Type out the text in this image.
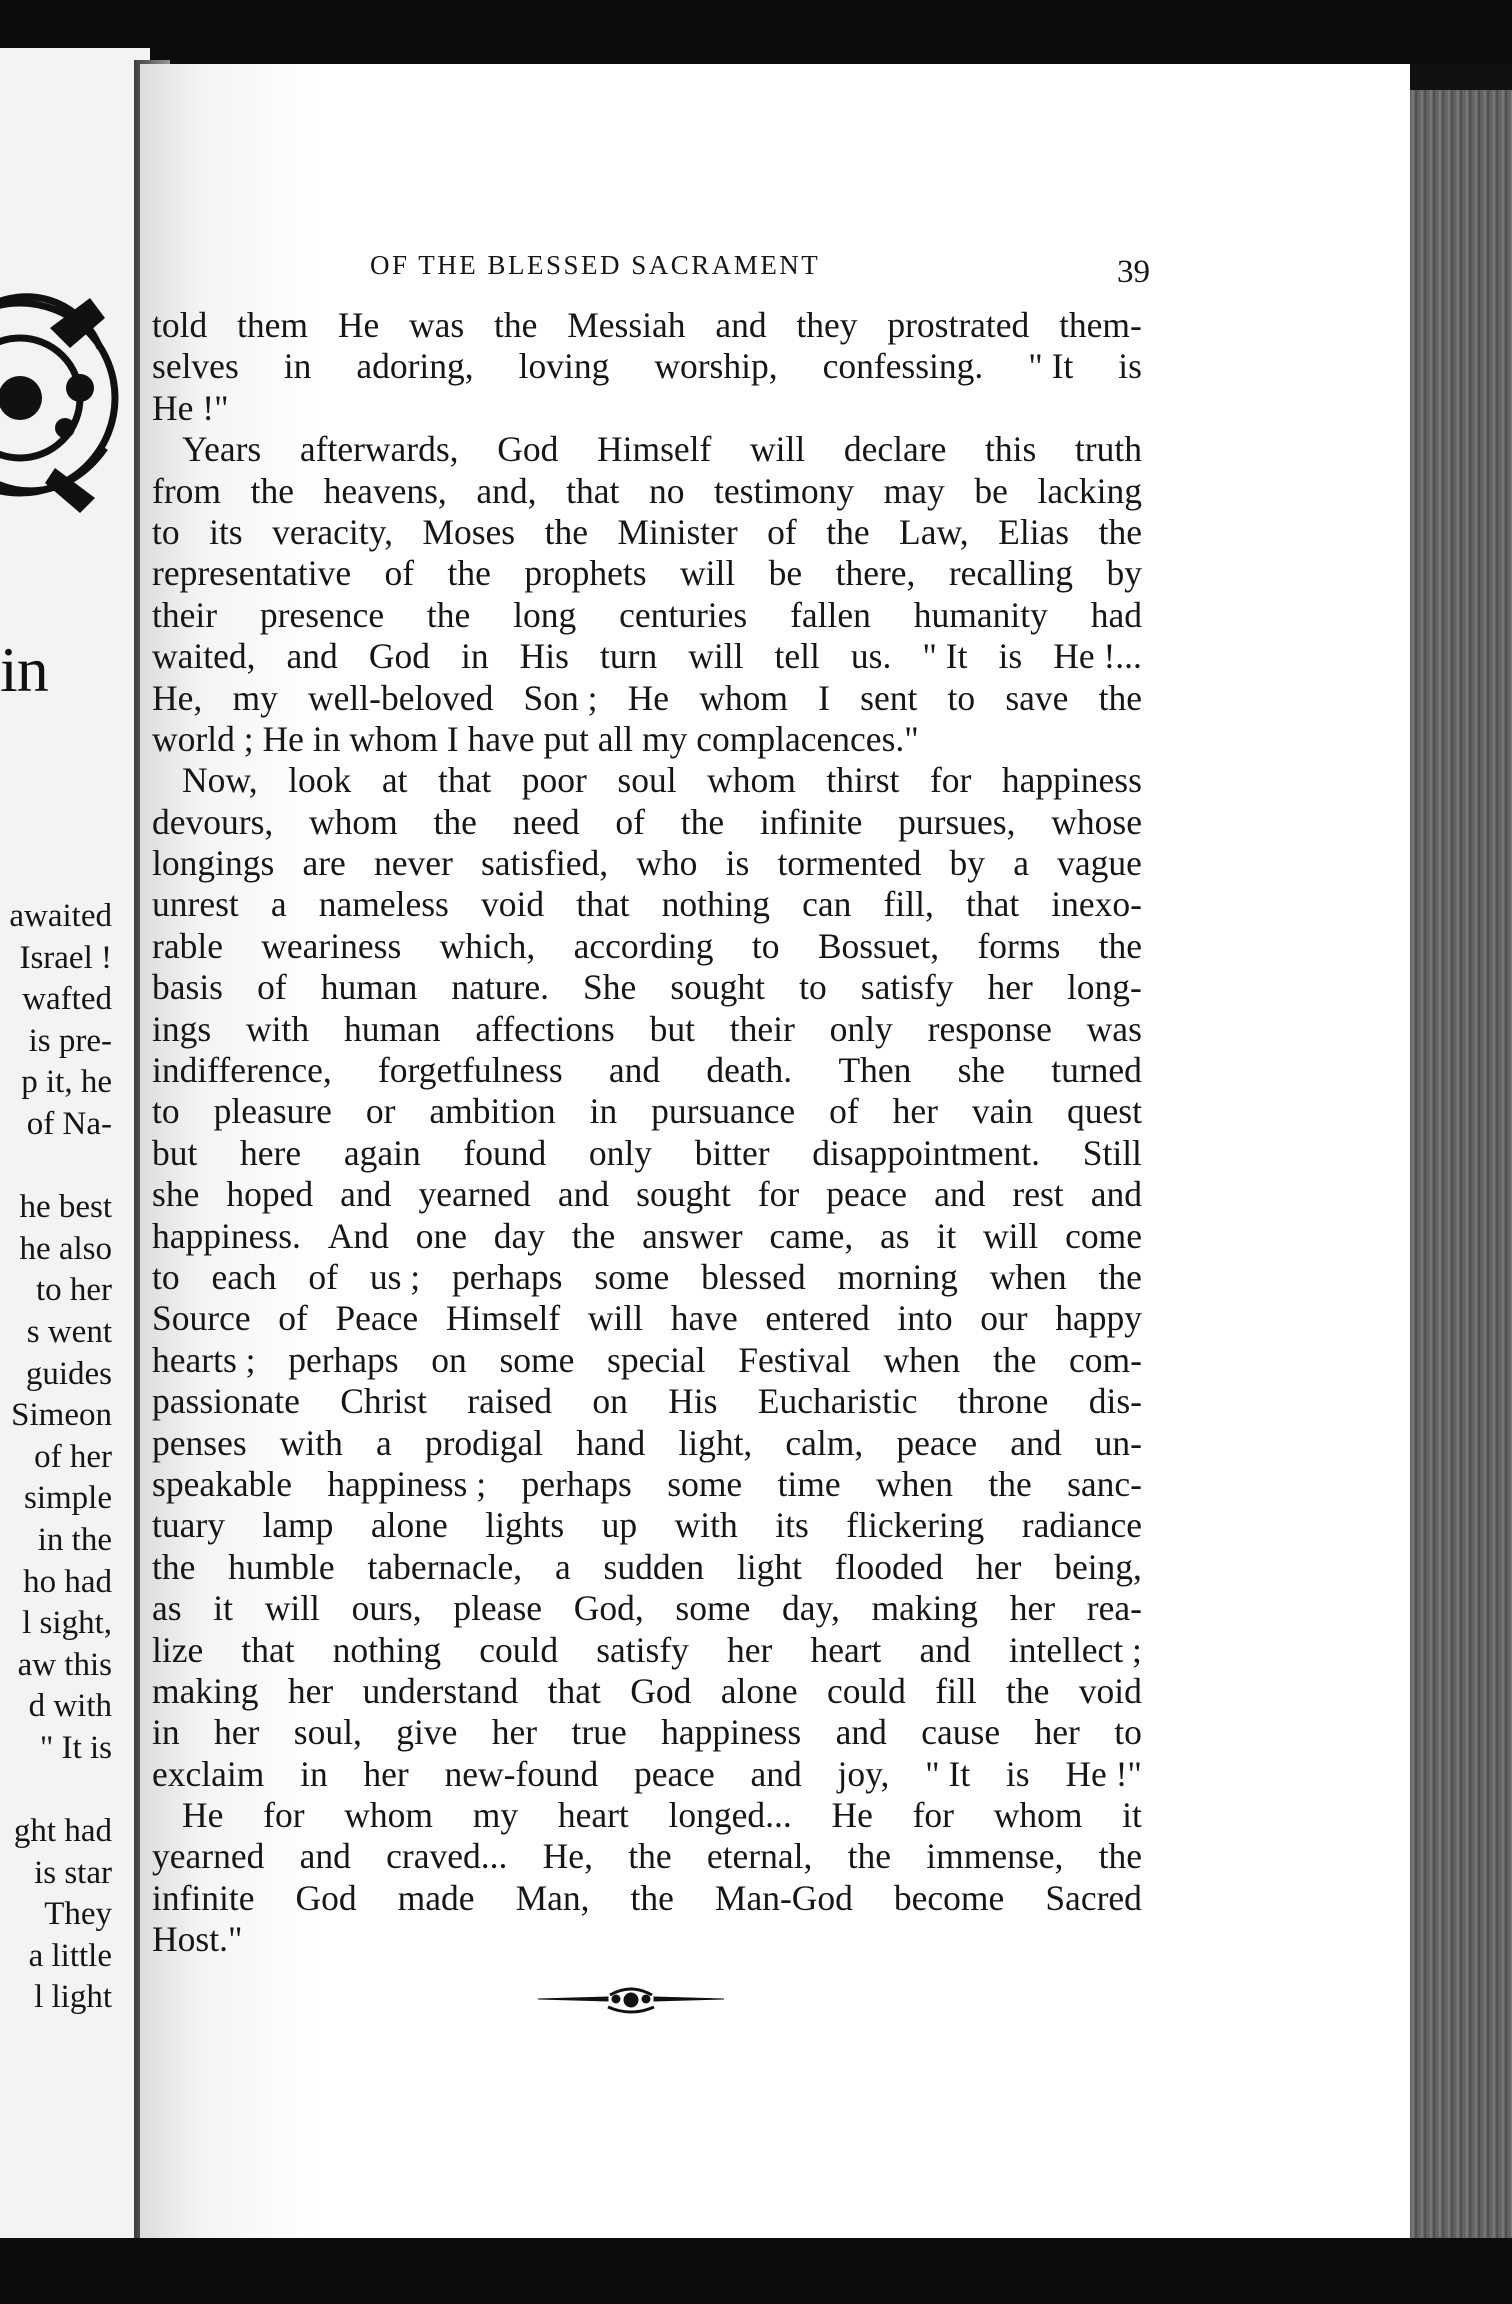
in
awaited
Israel !
wafted
is pre-
p it, he
of Na-
he best
he also
to her
s went
guides
Simeon
of her
simple
in the
ho had
l sight,
aw this
d with
" It is
ght had
is star
They
a little
l light
OF THE BLESSED SACRAMENT	39
told them He was the Messiah and they prostrated them-
selves in adoring, loving worship, confessing. " It is
He !"
Years afterwards, God Himself will declare this truth
from the heavens, and, that no testimony may be lacking
to its veracity, Moses the Minister of the Law, Elias the
representative of the prophets will be there, recalling by
their presence the long centuries fallen humanity had
waited, and God in His turn will tell us. " It is He !...
He, my well-beloved Son ; He whom I sent to save the
world ; He in whom I have put all my complacences."
Now, look at that poor soul whom thirst for happiness
devours, whom the need of the infinite pursues, whose
longings are never satisfied, who is tormented by a vague
unrest a nameless void that nothing can fill, that inexo-
rable weariness which, according to Bossuet, forms the
basis of human nature. She sought to satisfy her long-
ings with human affections but their only response was
indifference, forgetfulness and death. Then she turned
to pleasure or ambition in pursuance of her vain quest
but here again found only bitter disappointment. Still
she hoped and yearned and sought for peace and rest and
happiness. And one day the answer came, as it will come
to each of us ; perhaps some blessed morning when the
Source of Peace Himself will have entered into our happy
hearts ; perhaps on some special Festival when the com-
passionate Christ raised on His Eucharistic throne dis-
penses with a prodigal hand light, calm, peace and un-
speakable happiness ; perhaps some time when the sanc-
tuary lamp alone lights up with its flickering radiance
the humble tabernacle, a sudden light flooded her being,
as it will ours, please God, some day, making her rea-
lize that nothing could satisfy her heart and intellect ;
making her understand that God alone could fill the void
in her soul, give her true happiness and cause her to
exclaim in her new-found peace and joy, " It is He !"
He for whom my heart longed... He for whom it
yearned and craved... He, the eternal, the immense, the
infinite God made Man, the Man-God become Sacred
Host."
